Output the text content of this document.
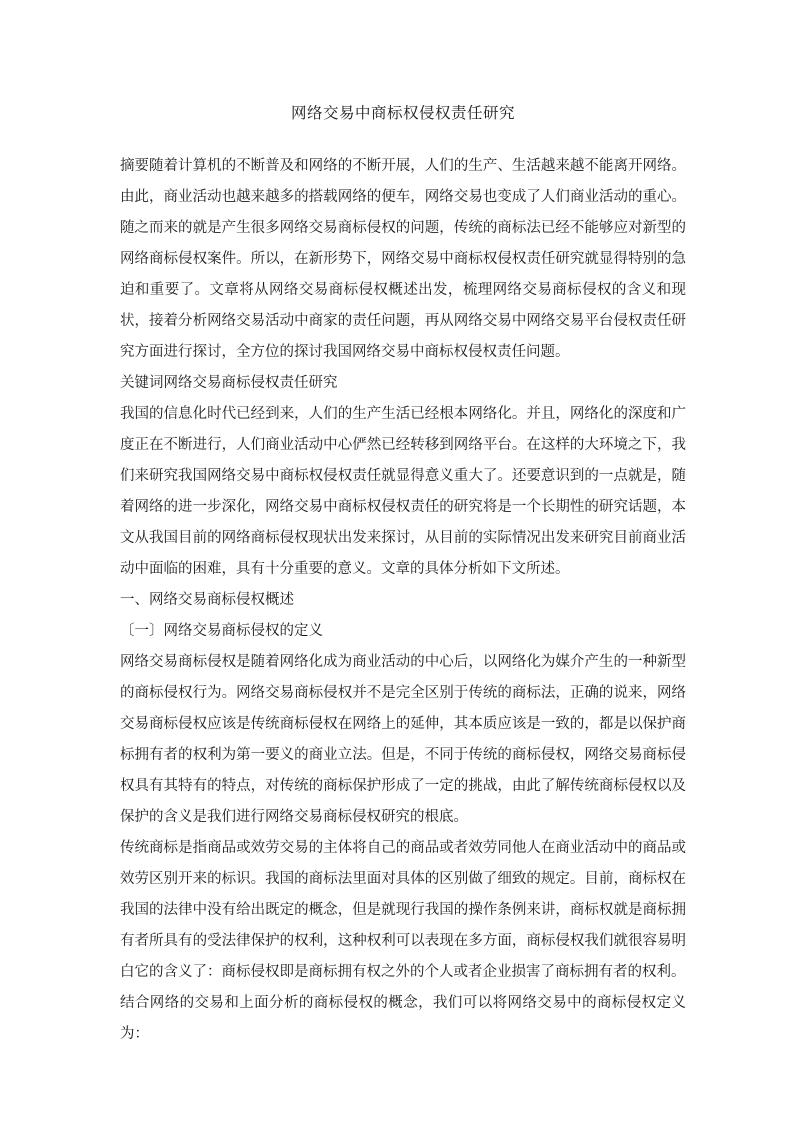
网络交易中商标权侵权责任研究

摘要随着计算机的不断普及和网络的不断开展，人们的生产、生活越来越不能离开网络。由此，商业活动也越来越多的搭载网络的便车，网络交易也变成了人们商业活动的重心。随之而来的就是产生很多网络交易商标侵权的问题，传统的商标法已经不能够应对新型的网络商标侵权案件。所以，在新形势下，网络交易中商标权侵权责任研究就显得特别的急迫和重要了。文章将从网络交易商标侵权概述出发，梳理网络交易商标侵权的含义和现状，接着分析网络交易活动中商家的责任问题，再从网络交易中网络交易平台侵权责任研究方面进行探讨，全方位的探讨我国网络交易中商标权侵权责任问题。

关键词网络交易商标侵权责任研究

我国的信息化时代已经到来，人们的生产生活已经根本网络化。并且，网络化的深度和广度正在不断进行，人们商业活动中心俨然已经转移到网络平台。在这样的大环境之下，我们来研究我国网络交易中商标权侵权责任就显得意义重大了。还要意识到的一点就是，随着网络的进一步深化，网络交易中商标权侵权责任的研究将是一个长期性的研究话题，本文从我国目前的网络商标侵权现状出发来探讨，从目前的实际情况出发来研究目前商业活动中面临的困难，具有十分重要的意义。文章的具体分析如下文所述。

一、网络交易商标侵权概述

〔一〕网络交易商标侵权的定义

网络交易商标侵权是随着网络化成为商业活动的中心后，以网络化为媒介产生的一种新型的商标侵权行为。网络交易商标侵权并不是完全区别于传统的商标法，正确的说来，网络交易商标侵权应该是传统商标侵权在网络上的延伸，其本质应该是一致的，都是以保护商标拥有者的权利为第一要义的商业立法。但是，不同于传统的商标侵权，网络交易商标侵权具有其特有的特点，对传统的商标保护形成了一定的挑战，由此了解传统商标侵权以及保护的含义是我们进行网络交易商标侵权研究的根底。

传统商标是指商品或效劳交易的主体将自己的商品或者效劳同他人在商业活动中的商品或效劳区别开来的标识。我国的商标法里面对具体的区别做了细致的规定。目前，商标权在我国的法律中没有给出既定的概念，但是就现行我国的操作条例来讲，商标权就是商标拥有者所具有的受法律保护的权利，这种权利可以表现在多方面，商标侵权我们就很容易明白它的含义了：商标侵权即是商标拥有权之外的个人或者企业损害了商标拥有者的权利。

结合网络的交易和上面分析的商标侵权的概念，我们可以将网络交易中的商标侵权定义为：
